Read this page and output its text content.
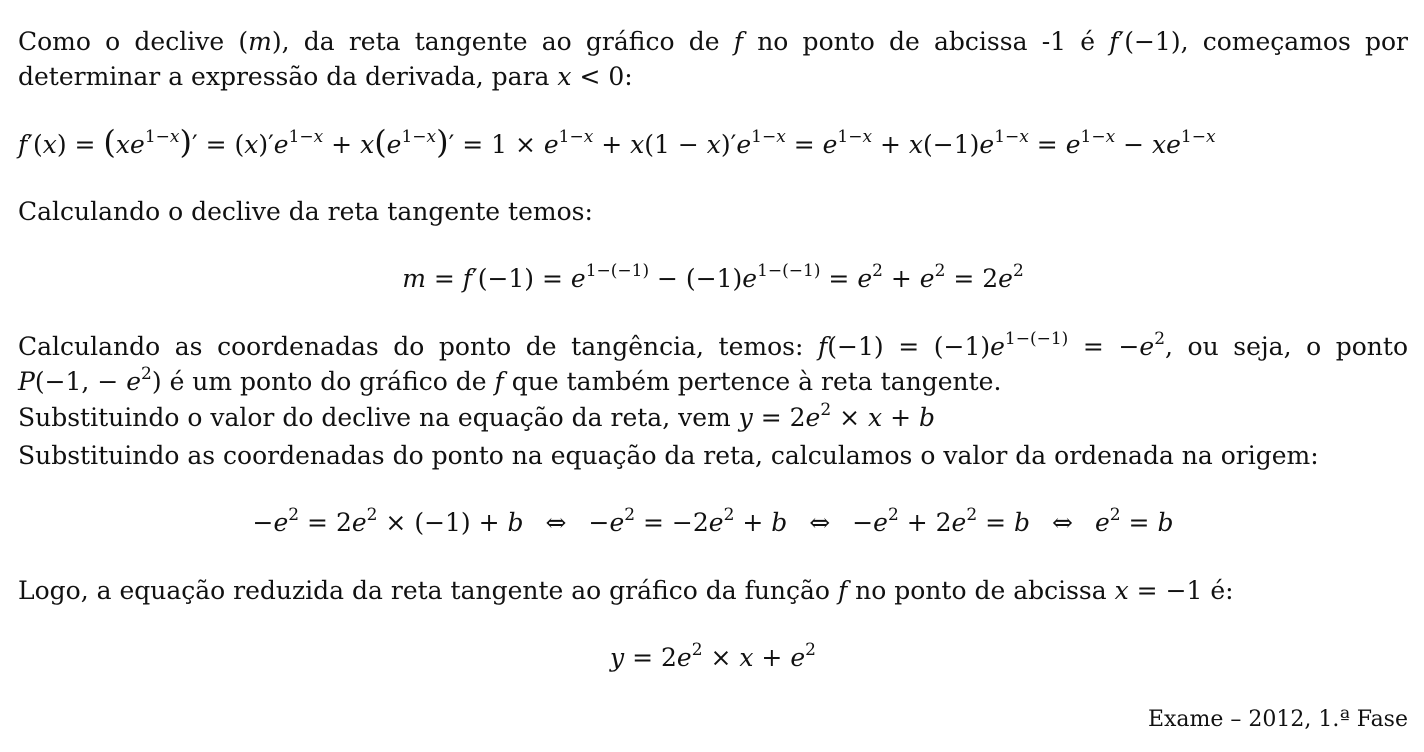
Como o declive (m), da reta tangente ao gráfico de f no ponto de abcissa -1 é f′(−1), começamos por
determinar a expressão da derivada, para x < 0:
$f'(x) = (xe^{1-x})' = (x)'e^{1-x} + x(e^{1-x})' = 1 \times e^{1-x} + x(1 - x)'e^{1-x} = e^{1-x} + x(-1)e^{1-x} = e^{1-x} - xe^{1-x}$
Calculando o declive da reta tangente temos:
$m = f'(-1) = e^{1-(-1)} - (-1)e^{1-(-1)} = e^2 + e^2 = 2e^2$
Calculando as coordenadas do ponto de tangência, temos: $f(-1) = (-1)e^{1-(-1)} = -e^2$, ou seja, o ponto
P(−1, − $e^2$) é um ponto do gráfico de f que também pertence à reta tangente.
Substituindo o valor do declive na equação da reta, vem $y = 2e^2 \times x + b$
Substituindo as coordenadas do ponto na equação da reta, calculamos o valor da ordenada na origem:
$-e^2 = 2e^2 \times (-1) + b$ ⇔ $-e^2 = -2e^2 + b$ ⇔ $-e^2 + 2e^2 = b$ ⇔ $e^2 = b$
Logo, a equação reduzida da reta tangente ao gráfico da função f no ponto de abcissa x = −1 é:
$y = 2e^2 \times x + e^2$
Exame – 2012, 1.ª Fase
